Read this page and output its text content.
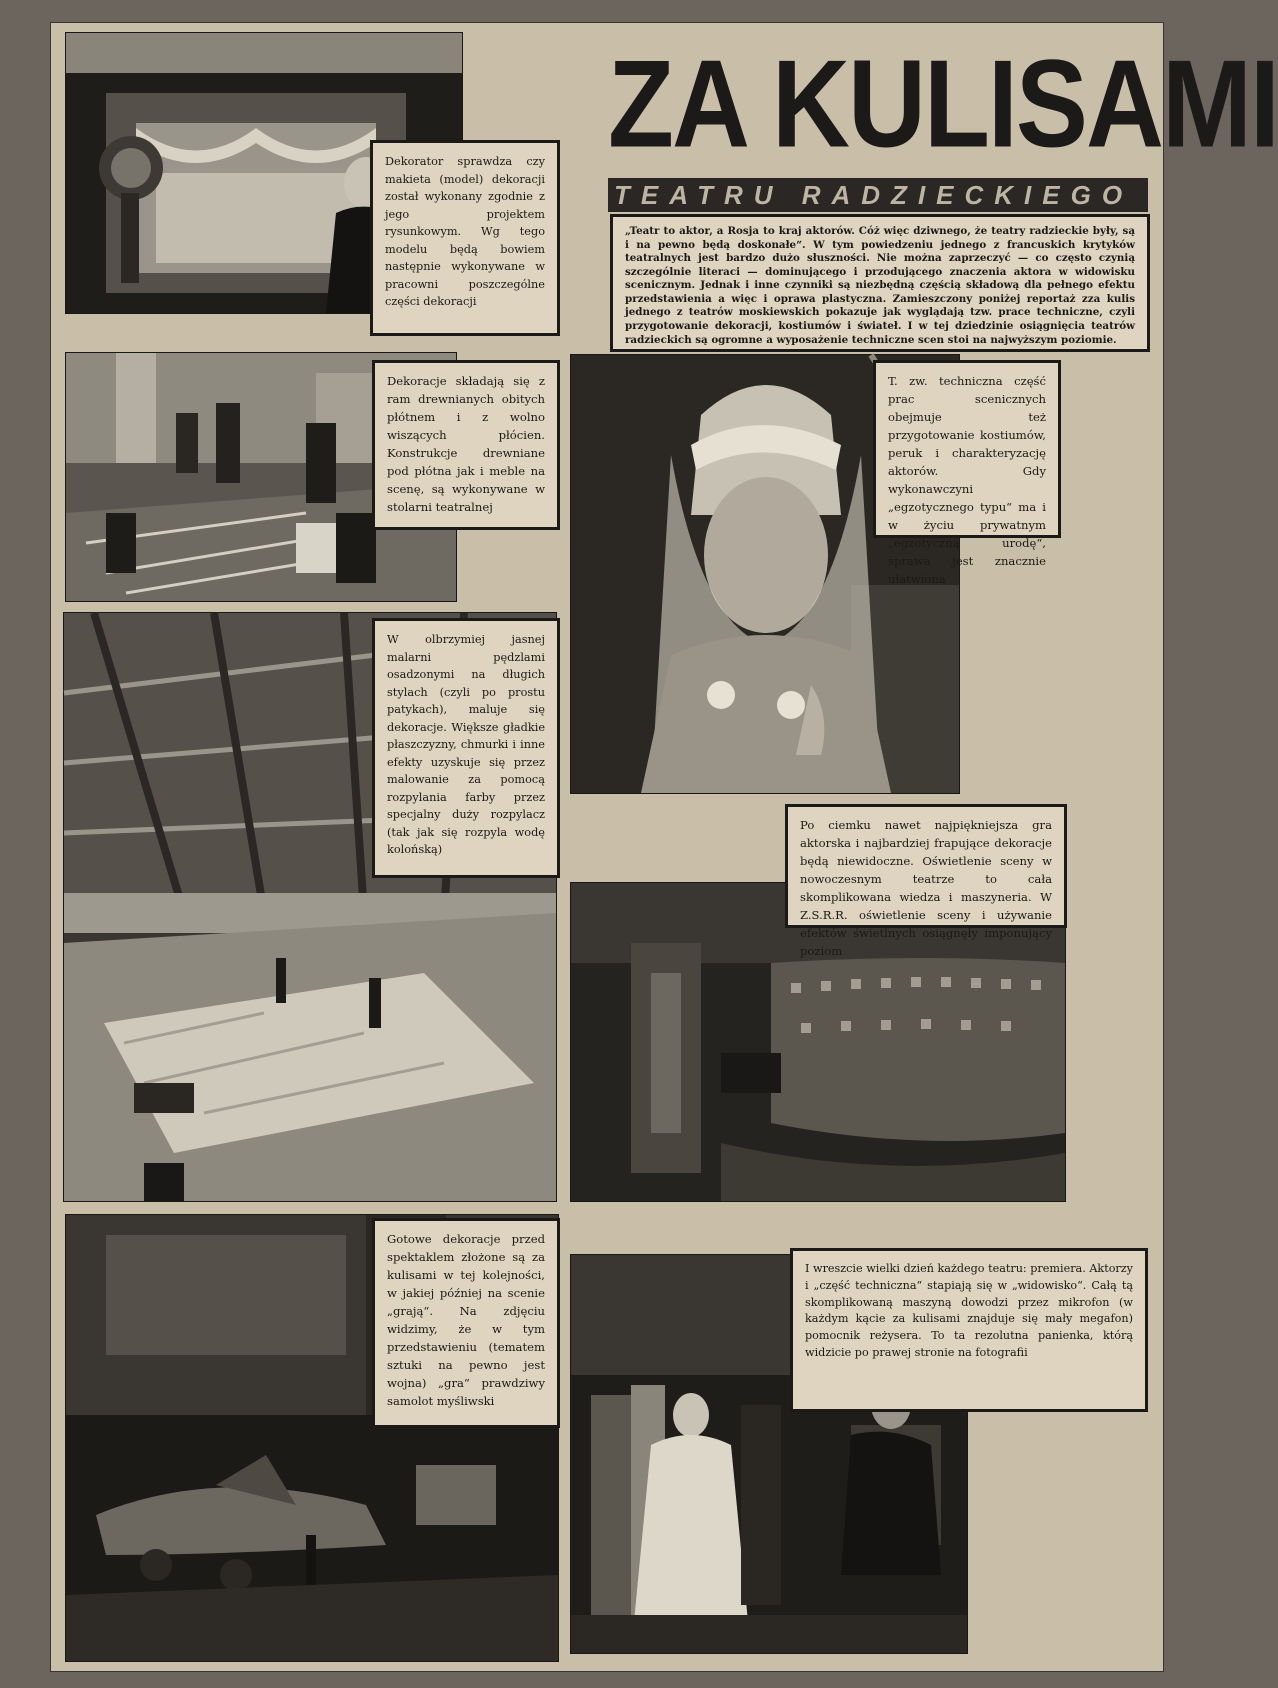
ZA KULISAMI
TEATRU RADZIECKIEGO

„Teatr to aktor, a Rosja to kraj aktorów. Cóż więc dziwnego, że teatry radzieckie były, są i na pewno będą doskonałe“. W tym powiedzeniu jednego z francuskich krytyków teatralnych jest bardzo dużo słuszności. Nie można zaprzeczyć — co często czynią szczególnie literaci — dominującego i przodującego znaczenia aktora w widowisku scenicznym. Jednak i inne czynniki są niezbędną częścią składową dla pełnego efektu przedstawienia a więc i oprawa plastyczna. Zamieszczony poniżej reportaż zza kulis jednego z teatrów moskiewskich pokazuje jak wyglądają tzw. prace techniczne, czyli przygotowanie dekoracji, kostiumów i świateł. I w tej dziedzinie osiągnięcia teatrów radzieckich są ogromne a wyposażenie techniczne scen stoi na najwyższym poziomie.

Dekorator sprawdza czy makieta (model) dekoracji został wykonany zgodnie z jego projektem rysunkowym. Wg tego modelu będą bowiem następnie wykonywane w pracowni poszczególne części dekoracji

Dekoracje składają się z ram drewnianych obitych płótnem i z wolno wiszących płócien. Konstrukcje drewniane pod płótna jak i meble na scenę, są wykonywane w stolarni teatralnej

W olbrzymiej jasnej malarni pędzlami osadzonymi na długich stylach (czyli po prostu patykach), maluje się dekoracje. Większe gładkie płaszczyzny, chmurki i inne efekty uzyskuje się przez malowanie za pomocą rozpylania farby przez specjalny duży rozpylacz (tak jak się rozpyla wodę kolońską)

T. zw. techniczna część prac scenicznych obejmuje też przygotowanie kostiumów, peruk i charakteryzację aktorów. Gdy wykonawczyni „egzotycznego typu“ ma i w życiu prywatnym „egzotyczną urodę“, sprawa jest znacznie ułatwiona

Po ciemku nawet najpiękniejsza gra aktorska i najbardziej frapujące dekoracje będą niewidoczne. Oświetlenie sceny w nowoczesnym teatrze to cała skomplikowana wiedza i maszyneria. W Z.S.R.R. oświetlenie sceny i używanie efektów świetlnych osiągnęły imponujący poziom

Gotowe dekoracje przed spektaklem złożone są za kulisami w tej kolejności, w jakiej później na scenie „grają“. Na zdjęciu widzimy, że w tym przedstawieniu (tematem sztuki na pewno jest wojna) „gra“ prawdziwy samolot myśliwski

I wreszcie wielki dzień każdego teatru: premiera. Aktorzy i „część techniczna“ stapiają się w „widowisko“. Całą tą skomplikowaną maszyną dowodzi przez mikrofon (w każdym kącie za kulisami znajduje się mały megafon) pomocnik reżysera. To ta rezolutna panienka, którą widzicie po prawej stronie na fotografii
